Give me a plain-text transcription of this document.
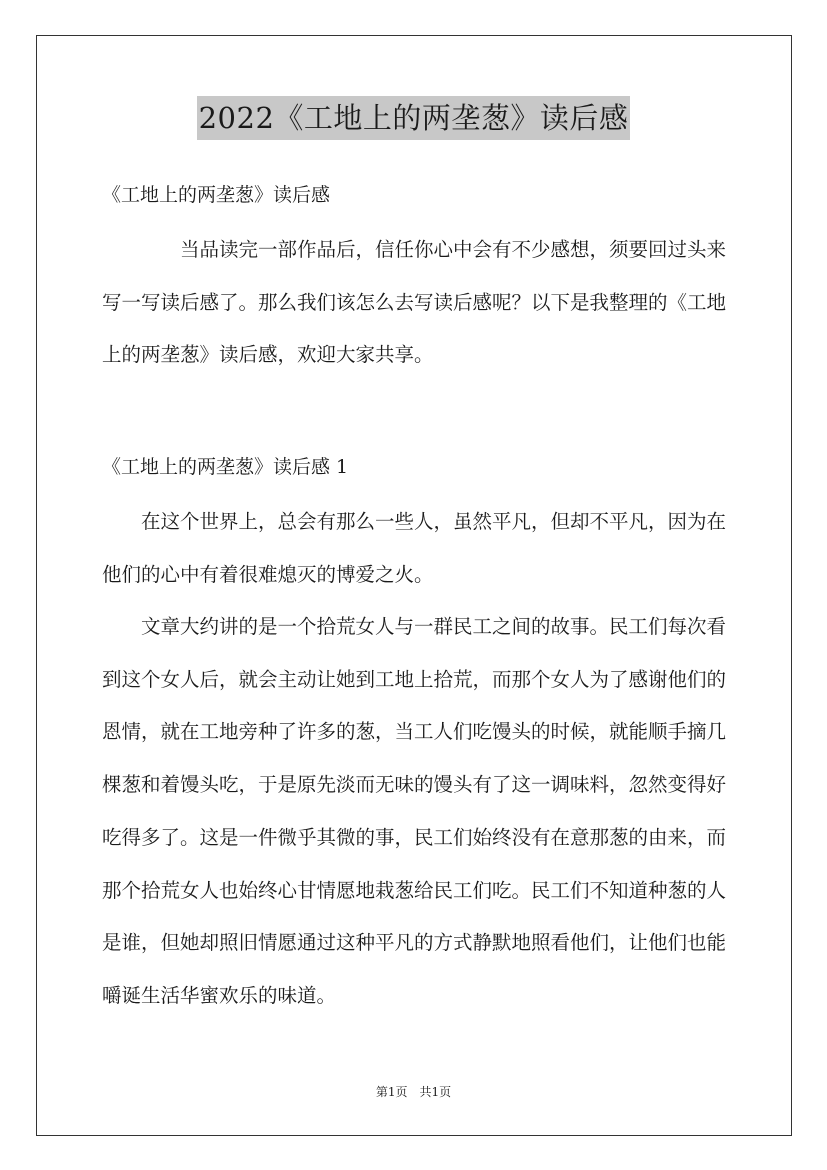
2022《工地上的两垄葱》读后感
《工地上的两垄葱》读后感

当品读完一部作品后，信任你心中会有不少感想，须要回过头来写一写读后感了。那么我们该怎么去写读后感呢？以下是我整理的《工地上的两垄葱》读后感，欢迎大家共享。

《工地上的两垄葱》读后感 1

在这个世界上，总会有那么一些人，虽然平凡，但却不平凡，因为在他们的心中有着很难熄灭的博爱之火。

文章大约讲的是一个拾荒女人与一群民工之间的故事。民工们每次看到这个女人后，就会主动让她到工地上拾荒，而那个女人为了感谢他们的恩情，就在工地旁种了许多的葱，当工人们吃馒头的时候，就能顺手摘几棵葱和着馒头吃，于是原先淡而无味的馒头有了这一调味料，忽然变得好吃得多了。这是一件微乎其微的事，民工们始终没有在意那葱的由来，而那个拾荒女人也始终心甘情愿地栽葱给民工们吃。民工们不知道种葱的人是谁，但她却照旧情愿通过这种平凡的方式静默地照看他们，让他们也能嚼诞生活华蜜欢乐的味道。

第1页　共1页
